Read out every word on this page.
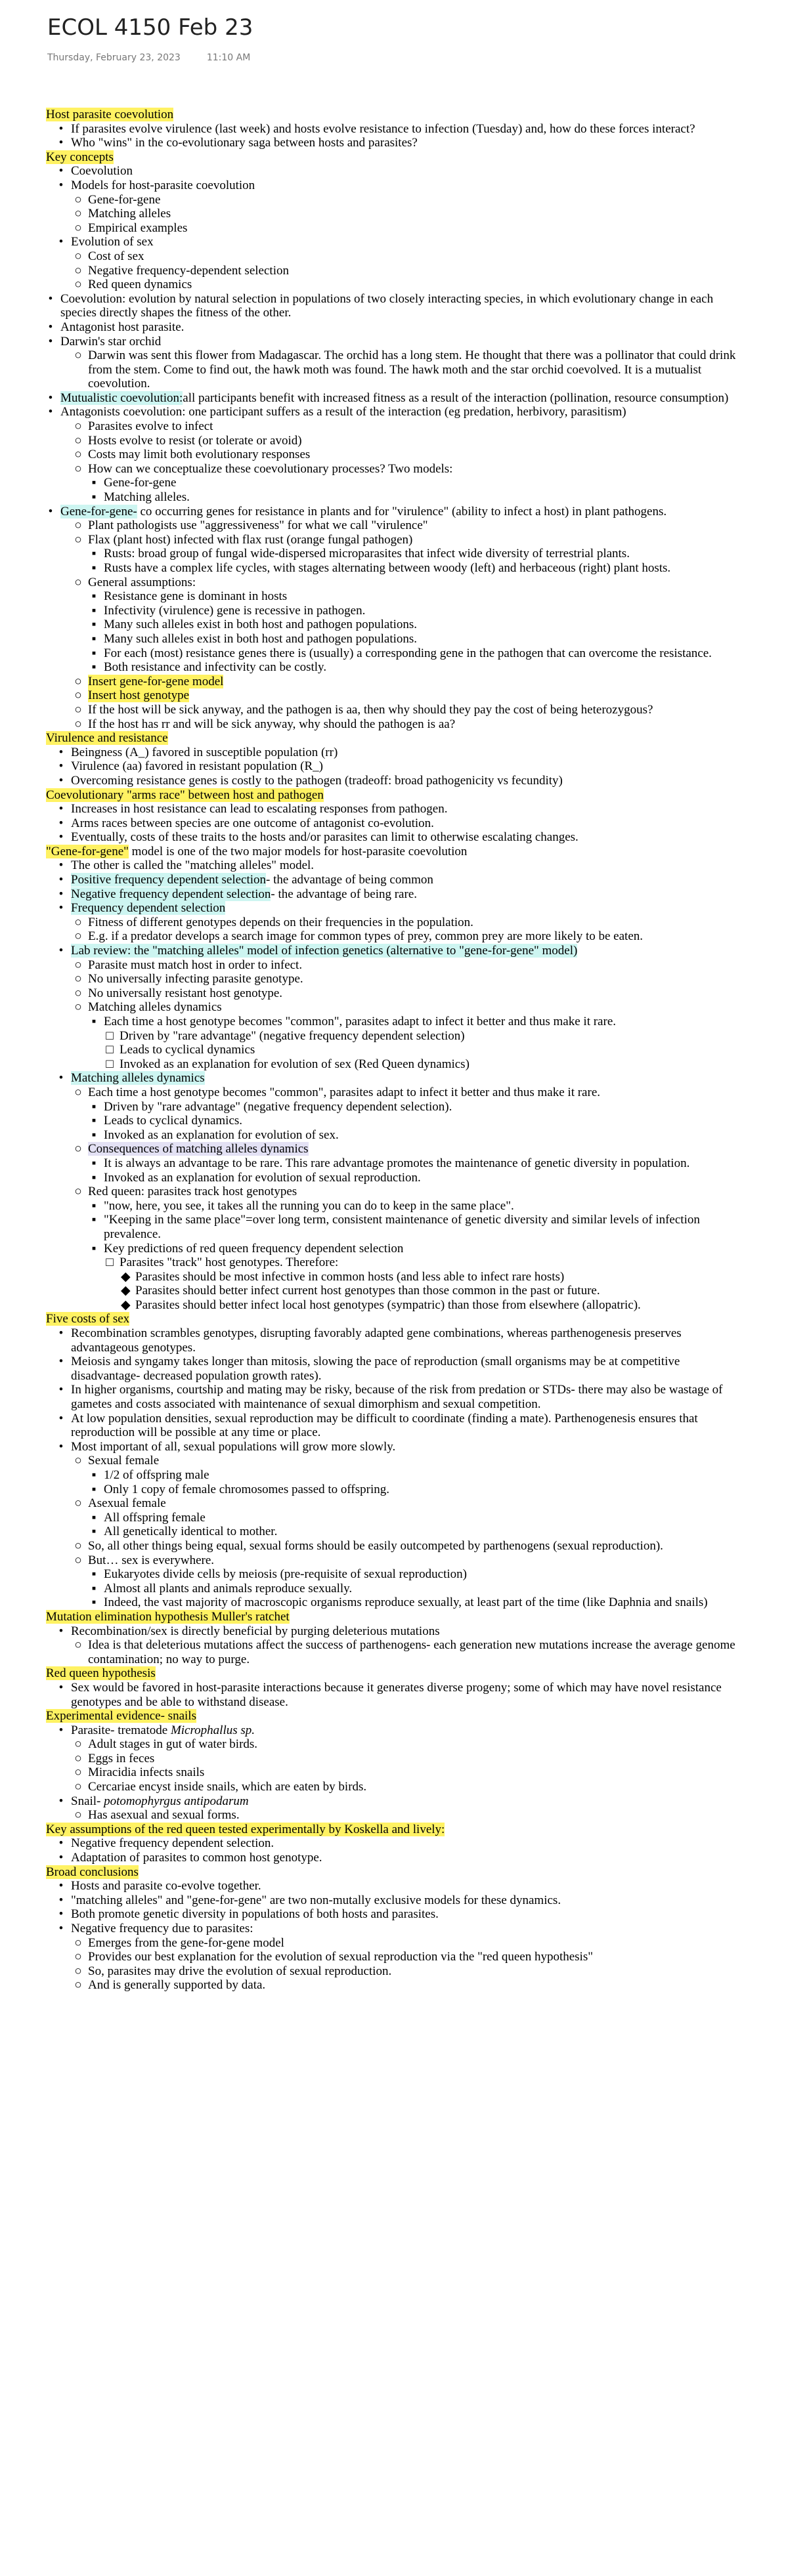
ECOL 4150 Feb 23
Thursday, February 23, 2023	11:10 AM
Host parasite coevolution
• If parasites evolve virulence (last week) and hosts evolve resistance to infection (Tuesday) and, how do these forces interact?
• Who "wins" in the co-evolutionary saga between hosts and parasites?
Key concepts
• Coevolution
• Models for host-parasite coevolution
○ Gene-for-gene
○ Matching alleles
○ Empirical examples
• Evolution of sex
○ Cost of sex
○ Negative frequency-dependent selection
○ Red queen dynamics
• Coevolution: evolution by natural selection in populations of two closely interacting species, in which evolutionary change in each species directly shapes the fitness of the other.
• Antagonist host parasite.
• Darwin's star orchid
○ Darwin was sent this flower from Madagascar. The orchid has a long stem. He thought that there was a pollinator that could drink from the stem. Come to find out, the hawk moth was found. The hawk moth and the star orchid coevolved. It is a mutualist coevolution.
• Mutualistic coevolution:all participants benefit with increased fitness as a result of the interaction (pollination, resource consumption)
• Antagonists coevolution: one participant suffers as a result of the interaction (eg predation, herbivory, parasitism)
○ Parasites evolve to infect
○ Hosts evolve to resist (or tolerate or avoid)
○ Costs may limit both evolutionary responses
○ How can we conceptualize these coevolutionary processes? Two models:
▪ Gene-for-gene
▪ Matching alleles.
• Gene-for-gene- co occurring genes for resistance in plants and for "virulence" (ability to infect a host) in plant pathogens.
○ Plant pathologists use "aggressiveness" for what we call "virulence"
○ Flax (plant host) infected with flax rust (orange fungal pathogen)
▪ Rusts: broad group of fungal wide-dispersed microparasites that infect wide diversity of terrestrial plants.
▪ Rusts have a complex life cycles, with stages alternating between woody (left) and herbaceous (right) plant hosts.
○ General assumptions:
▪ Resistance gene is dominant in hosts
▪ Infectivity (virulence) gene is recessive in pathogen.
▪ Many such alleles exist in both host and pathogen populations.
▪ Many such alleles exist in both host and pathogen populations.
▪ For each (most) resistance genes there is (usually) a corresponding gene in the pathogen that can overcome the resistance.
▪ Both resistance and infectivity can be costly.
○ Insert gene-for-gene model
○ Insert host genotype
○ If the host will be sick anyway, and the pathogen is aa, then why should they pay the cost of being heterozygous?
○ If the host has rr and will be sick anyway, why should the pathogen is aa?
Virulence and resistance
• Beingness (A_) favored in susceptible population (rr)
• Virulence (aa) favored in resistant population (R_)
• Overcoming resistance genes is costly to the pathogen (tradeoff: broad pathogenicity vs fecundity)
Coevolutionary "arms race" between host and pathogen
• Increases in host resistance can lead to escalating responses from pathogen.
• Arms races between species are one outcome of antagonist co-evolution.
• Eventually, costs of these traits to the hosts and/or parasites can limit to otherwise escalating changes.
"Gene-for-gene" model is one of the two major models for host-parasite coevolution
• The other is called the "matching alleles" model.
• Positive frequency dependent selection- the advantage of being common
• Negative frequency dependent selection- the advantage of being rare.
• Frequency dependent selection
○ Fitness of different genotypes depends on their frequencies in the population.
○ E.g. if a predator develops a search image for common types of prey, common prey are more likely to be eaten.
• Lab review: the "matching alleles" model of infection genetics (alternative to "gene-for-gene" model)
○ Parasite must match host in order to infect.
○ No universally infecting parasite genotype.
○ No universally resistant host genotype.
○ Matching alleles dynamics
▪ Each time a host genotype becomes "common", parasites adapt to infect it better and thus make it rare.
□ Driven by "rare advantage" (negative frequency dependent selection)
□ Leads to cyclical dynamics
□ Invoked as an explanation for evolution of sex (Red Queen dynamics)
• Matching alleles dynamics
○ Each time a host genotype becomes "common", parasites adapt to infect it better and thus make it rare.
▪ Driven by "rare advantage" (negative frequency dependent selection).
▪ Leads to cyclical dynamics.
▪ Invoked as an explanation for evolution of sex.
○ Consequences of matching alleles dynamics
▪ It is always an advantage to be rare. This rare advantage promotes the maintenance of genetic diversity in population.
▪ Invoked as an explanation for evolution of sexual reproduction.
○ Red queen: parasites track host genotypes
▪ "now, here, you see, it takes all the running you can do to keep in the same place".
▪ "Keeping in the same place"=over long term, consistent maintenance of genetic diversity and similar levels of infection prevalence.
▪ Key predictions of red queen frequency dependent selection
□ Parasites "track" host genotypes. Therefore:
◆ Parasites should be most infective in common hosts (and less able to infect rare hosts)
◆ Parasites should better infect current host genotypes than those common in the past or future.
◆ Parasites should better infect local host genotypes (sympatric) than those from elsewhere (allopatric).
Five costs of sex
• Recombination scrambles genotypes, disrupting favorably adapted gene combinations, whereas parthenogenesis preserves advantageous genotypes.
• Meiosis and syngamy takes longer than mitosis, slowing the pace of reproduction (small organisms may be at competitive disadvantage- decreased population growth rates).
• In higher organisms, courtship and mating may be risky, because of the risk from predation or STDs- there may also be wastage of gametes and costs associated with maintenance of sexual dimorphism and sexual competition.
• At low population densities, sexual reproduction may be difficult to coordinate (finding a mate). Parthenogenesis ensures that reproduction will be possible at any time or place.
• Most important of all, sexual populations will grow more slowly.
○ Sexual female
▪ 1/2 of offspring male
▪ Only 1 copy of female chromosomes passed to offspring.
○ Asexual female
▪ All offspring female
▪ All genetically identical to mother.
○ So, all other things being equal, sexual forms should be easily outcompeted by parthenogens (sexual reproduction).
○ But… sex is everywhere.
▪ Eukaryotes divide cells by meiosis (pre-requisite of sexual reproduction)
▪ Almost all plants and animals reproduce sexually.
▪ Indeed, the vast majority of macroscopic organisms reproduce sexually, at least part of the time (like Daphnia and snails)
Mutation elimination hypothesis Muller's ratchet
• Recombination/sex is directly beneficial by purging deleterious mutations
○ Idea is that deleterious mutations affect the success of parthenogens- each generation new mutations increase the average genome contamination; no way to purge.
Red queen hypothesis
• Sex would be favored in host-parasite interactions because it generates diverse progeny; some of which may have novel resistance genotypes and be able to withstand disease.
Experimental evidence- snails
• Parasite- trematode Microphallus sp.
○ Adult stages in gut of water birds.
○ Eggs in feces
○ Miracidia infects snails
○ Cercariae encyst inside snails, which are eaten by birds.
• Snail- potomophyrgus antipodarum
○ Has asexual and sexual forms.
Key assumptions of the red queen tested experimentally by Koskella and lively:
• Negative frequency dependent selection.
• Adaptation of parasites to common host genotype.
Broad conclusions
• Hosts and parasite co-evolve together.
• "matching alleles" and "gene-for-gene" are two non-mutally exclusive models for these dynamics.
• Both promote genetic diversity in populations of both hosts and parasites.
• Negative frequency due to parasites:
○ Emerges from the gene-for-gene model
○ Provides our best explanation for the evolution of sexual reproduction via the "red queen hypothesis"
○ So, parasites may drive the evolution of sexual reproduction.
○ And is generally supported by data.
